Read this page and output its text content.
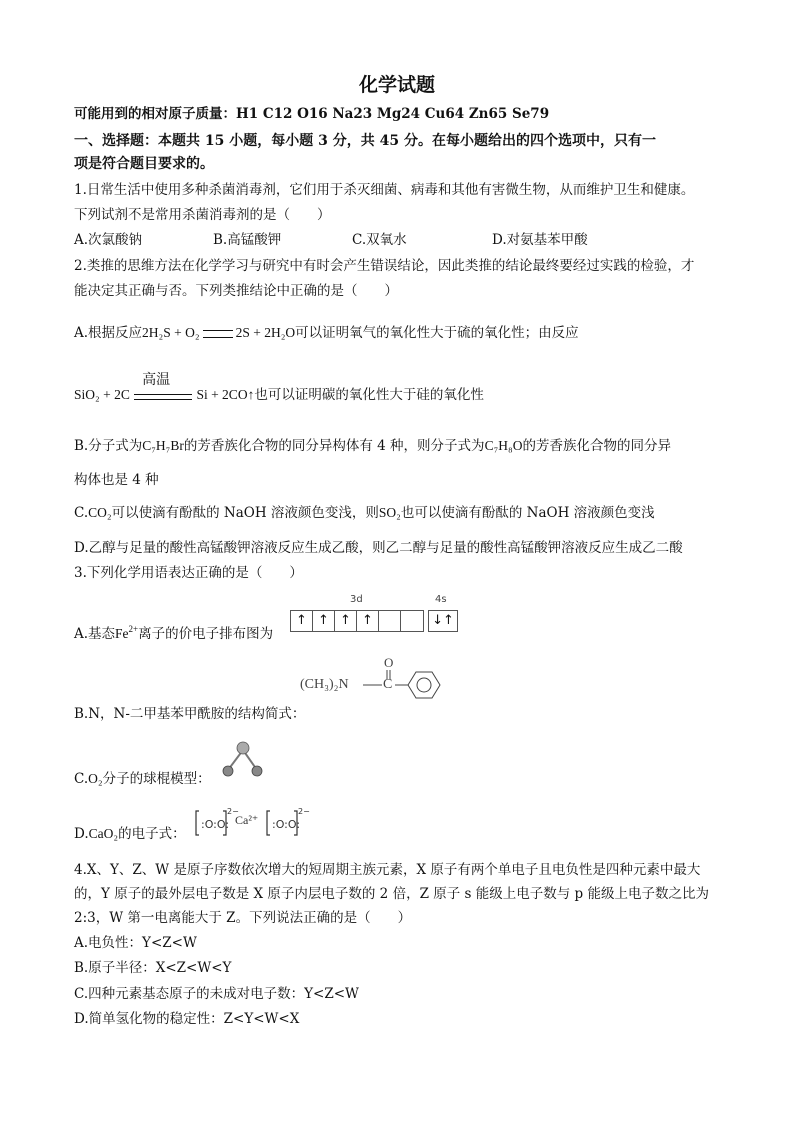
化学试题
可能用到的相对原子质量：H1 C12 O16 Na23 Mg24 Cu64 Zn65 Se79
一、选择题：本题共 15 小题，每小题 3 分，共 45 分。在每小题给出的四个选项中，只有一
项是符合题目要求的。
1.日常生活中使用多种杀菌消毒剂，它们用于杀灭细菌、病毒和其他有害微生物，从而维护卫生和健康。
下列试剂不是常用杀菌消毒剂的是（　　）
A.次氯酸钠	B.高锰酸钾	C.双氧水	D.对氨基苯甲酸
2.类推的思维方法在化学学习与研究中有时会产生错误结论，因此类推的结论最终要经过实践的检验，才
能决定其正确与否。下列类推结论中正确的是（　　）
A.根据反应2H₂S + O₂	2S + 2H₂O可以证明氧气的氧化性大于硫的氧化性；由反应
SiO₂ + 2C
高温
Si + 2CO↑也可以证明碳的氧化性大于硅的氧化性
B.分子式为C₇H₇Br的芳香族化合物的同分异构体有 4 种，则分子式为C₇H₈O的芳香族化合物的同分异
构体也是 4 种
C.CO₂可以使滴有酚酞的 NaOH 溶液颜色变浅，则SO₂也可以使滴有酚酞的 NaOH 溶液颜色变浅
D.乙醇与足量的酸性高锰酸钾溶液反应生成乙酸，则乙二醇与足量的酸性高锰酸钾溶液反应生成乙二酸
3.下列化学用语表达正确的是（　　）
A.基态$Fe^{2+}$离子的价电子排布图为
3d	4s
↑ ↑ ↑ ↑	↓↑
(CH₃)₂N
O
C
B.N，N-二甲基苯甲酰胺的结构简式：
C.O₂分子的球棍模型：
D.CaO₂的电子式：
:O:O:	:O:O:
2−	2−
Ca²⁺
4.X、Y、Z、W 是原子序数依次增大的短周期主族元素，X 原子有两个单电子且电负性是四种元素中最大
的，Y 原子的最外层电子数是 X 原子内层电子数的 2 倍，Z 原子 s 能级上电子数与 p 能级上电子数之比为
2:3，W 第一电离能大于 Z。下列说法正确的是（　　）
A.电负性：Y<Z<W
B.原子半径：X<Z<W<Y
C.四种元素基态原子的未成对电子数：Y<Z<W
D.简单氢化物的稳定性：Z<Y<W<X
